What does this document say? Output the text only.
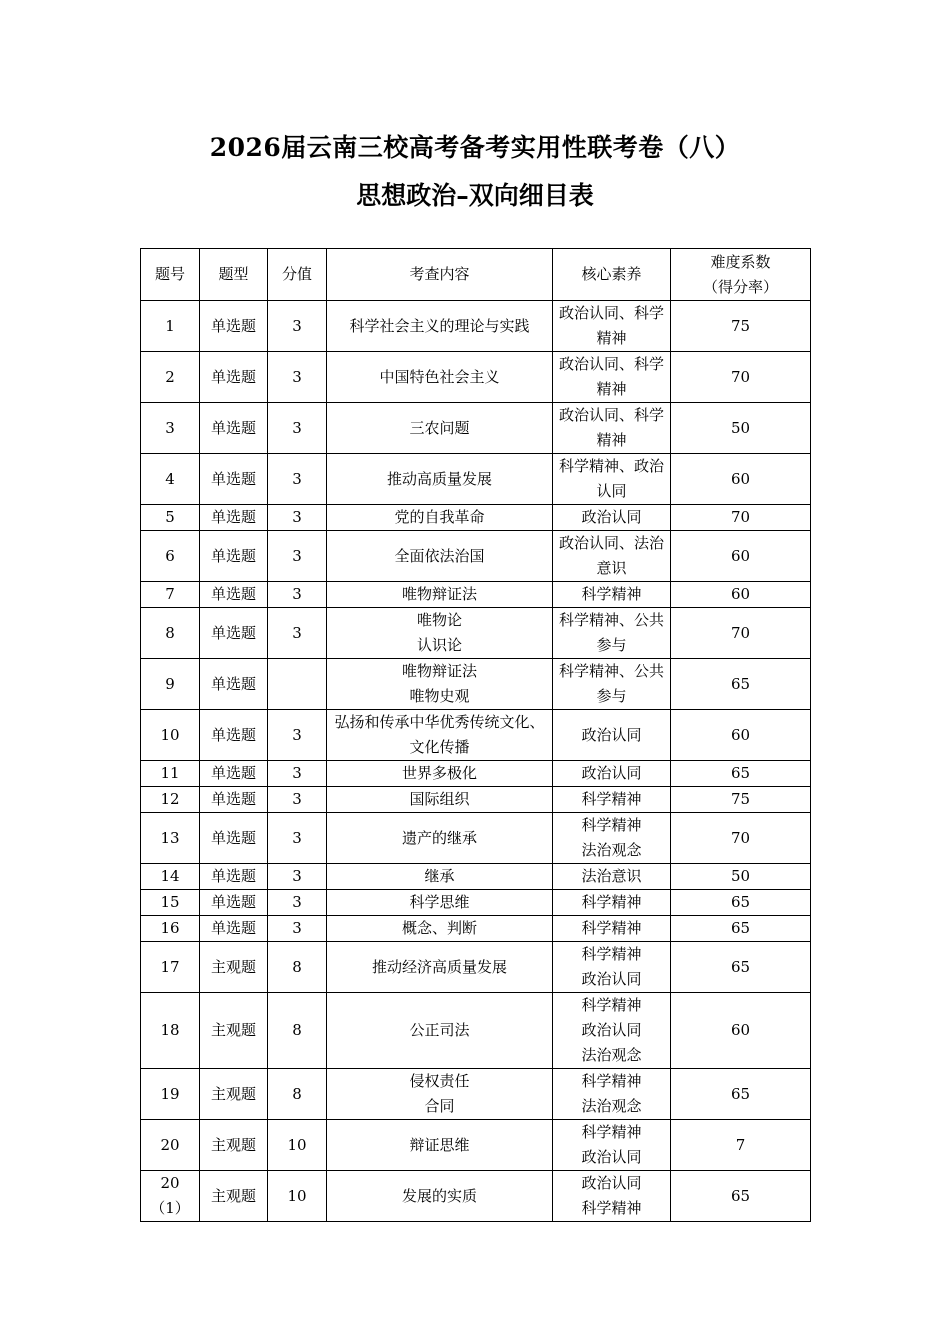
2026届云南三校高考备考实用性联考卷（八）
思想政治–双向细目表
题号	题型	分值	考查内容	核心素养	难度系数
（得分率）
1	单选题	3	科学社会主义的理论与实践	政治认同、科学精神	75
2	单选题	3	中国特色社会主义	政治认同、科学精神	70
3	单选题	3	三农问题	政治认同、科学精神	50
4	单选题	3	推动高质量发展	科学精神、政治认同	60
5	单选题	3	党的自我革命	政治认同	70
6	单选题	3	全面依法治国	政治认同、法治意识	60
7	单选题	3	唯物辩证法	科学精神	60
8	单选题	3	唯物论
认识论	科学精神、公共参与	70
9	单选题		唯物辩证法
唯物史观	科学精神、公共参与	65
10	单选题	3	弘扬和传承中华优秀传统文化、文化传播	政治认同	60
11	单选题	3	世界多极化	政治认同	65
12	单选题	3	国际组织	科学精神	75
13	单选题	3	遗产的继承	科学精神
法治观念	70
14	单选题	3	继承	法治意识	50
15	单选题	3	科学思维	科学精神	65
16	单选题	3	概念、判断	科学精神	65
17	主观题	8	推动经济高质量发展	科学精神
政治认同	65
18	主观题	8	公正司法	科学精神
政治认同
法治观念	60
19	主观题	8	侵权责任
合同	科学精神
法治观念	65
20	主观题	10	辩证思维	科学精神
政治认同	7
20（1）	主观题	10	发展的实质	政治认同
科学精神	65
